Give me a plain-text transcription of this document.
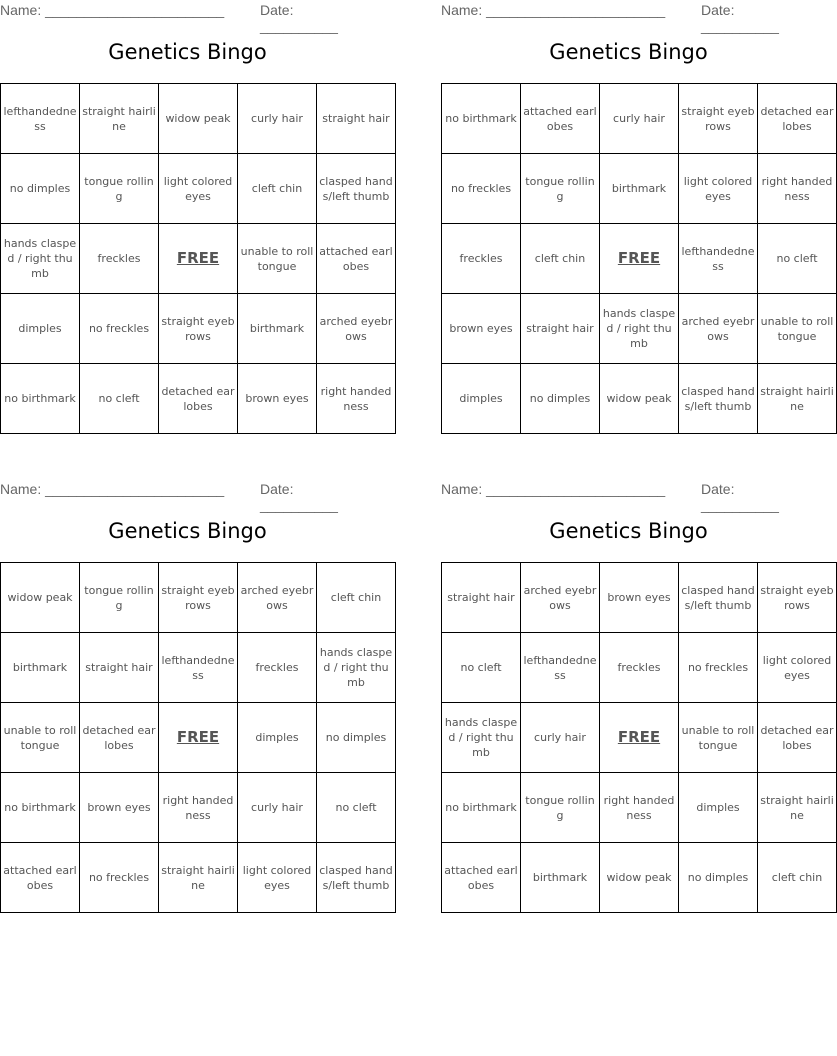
Name: _______________________	Date: __________
Genetics Bingo
lefthandedness	straight hairline	widow peak	curly hair	straight hair
no dimples	tongue rolling	light colored eyes	cleft chin	clasped hands/left thumb
hands clasped / right thumb	freckles	FREE	unable to roll tongue	attached earlobes
dimples	no freckles	straight eyebrows	birthmark	arched eyebrows
no birthmark	no cleft	detached earlobes	brown eyes	right handedness
Name: _______________________	Date: __________
Genetics Bingo
no birthmark	attached earlobes	curly hair	straight eyebrows	detached earlobes
no freckles	tongue rolling	birthmark	light colored eyes	right handedness
freckles	cleft chin	FREE	lefthandedness	no cleft
brown eyes	straight hair	hands clasped / right thumb	arched eyebrows	unable to roll tongue
dimples	no dimples	widow peak	clasped hands/left thumb	straight hairline
Name: _______________________	Date: __________
Genetics Bingo
widow peak	tongue rolling	straight eyebrows	arched eyebrows	cleft chin
birthmark	straight hair	lefthandedness	freckles	hands clasped / right thumb
unable to roll tongue	detached earlobes	FREE	dimples	no dimples
no birthmark	brown eyes	right handedness	curly hair	no cleft
attached earlobes	no freckles	straight hairline	light colored eyes	clasped hands/left thumb
Name: _______________________	Date: __________
Genetics Bingo
straight hair	arched eyebrows	brown eyes	clasped hands/left thumb	straight eyebrows
no cleft	lefthandedness	freckles	no freckles	light colored eyes
hands clasped / right thumb	curly hair	FREE	unable to roll tongue	detached earlobes
no birthmark	tongue rolling	right handedness	dimples	straight hairline
attached earlobes	birthmark	widow peak	no dimples	cleft chin
